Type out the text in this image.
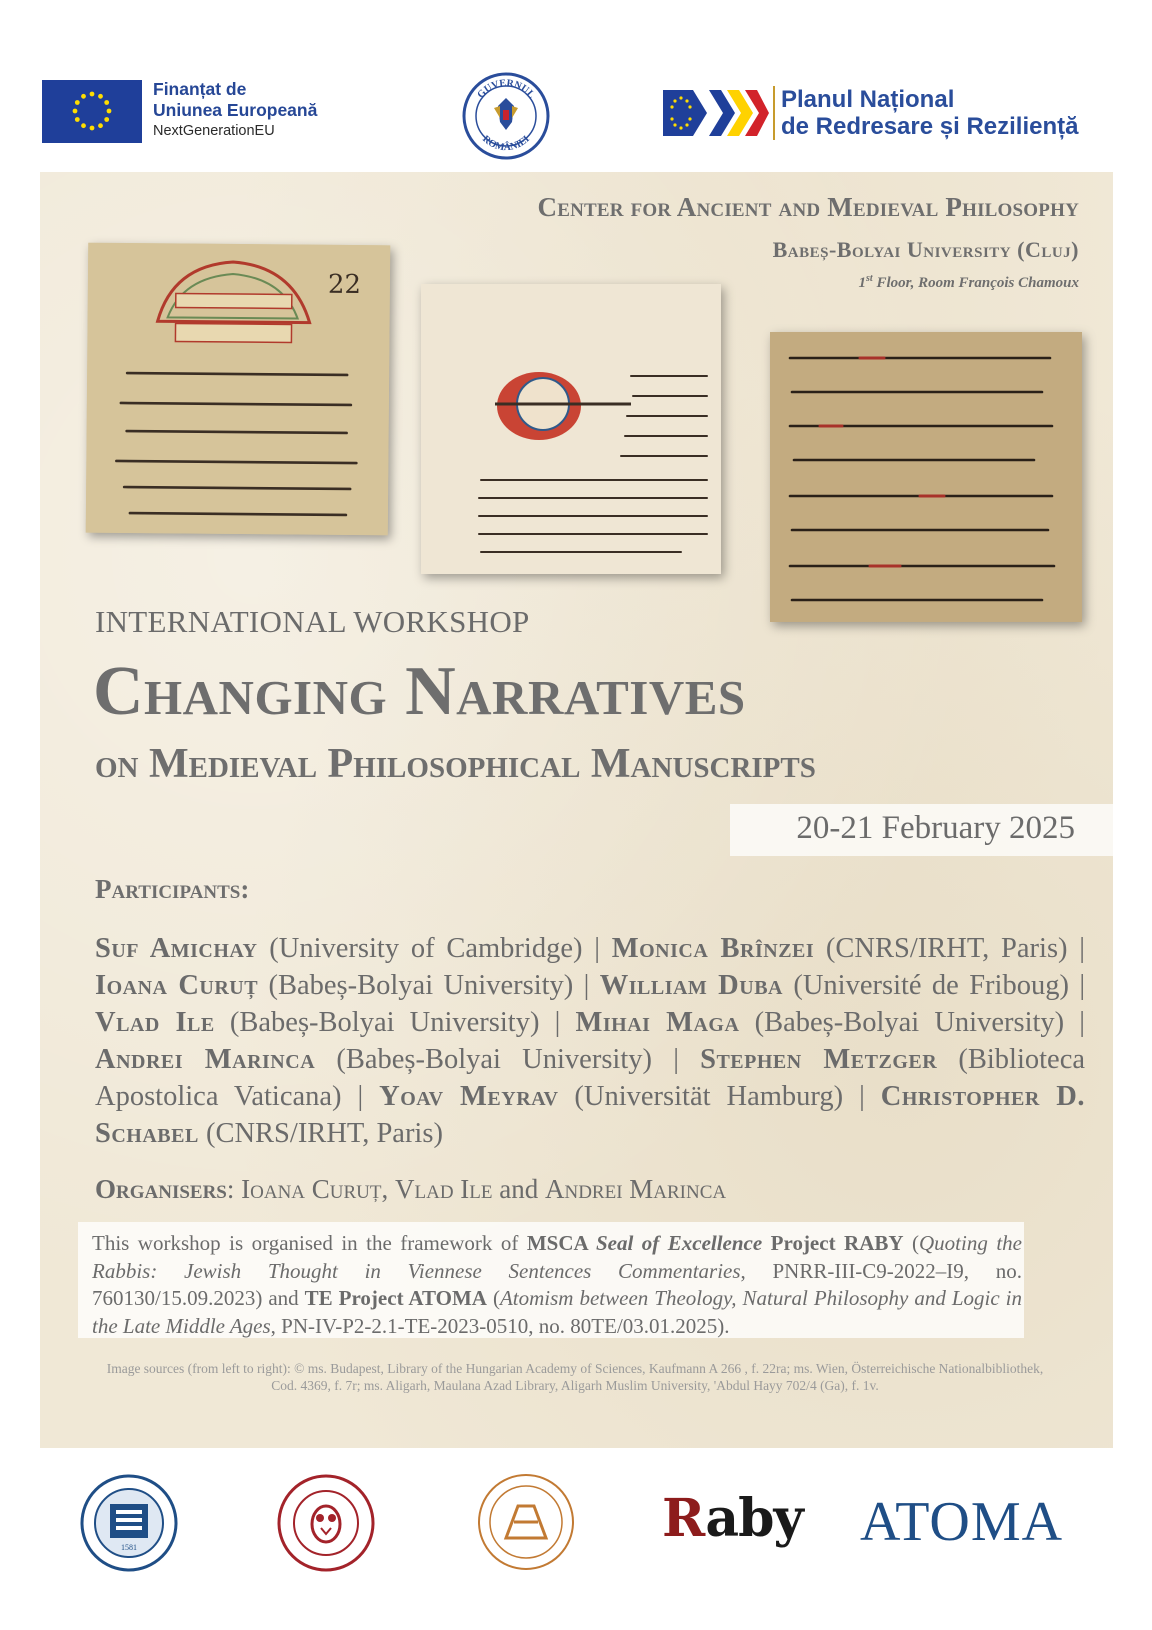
Finanțat de
Uniunea Europeană
NextGenerationEU
GUVERNUL
ROMÂNIEI
Planul Național
de Redresare și Reziliență
Center for Ancient and Medieval Philosophy
Babeș-Bolyai University (Cluj)
1st Floor, Room François Chamoux
22
INTERNATIONAL WORKSHOP
Changing Narratives
on Medieval Philosophical Manuscripts
20-21 February 2025
Participants:
Suf Amichay (University of Cambridge) | Monica Brînzei (CNRS/IRHT, Paris) | Ioana Curuț (Babeș-Bolyai University) | William Duba (Université de Friboug) | Vlad Ile (Babeș-Bolyai University) | Mihai Maga (Babeș-Bolyai University) | Andrei Marinca (Babeș-Bolyai University) | Stephen Metzger (Biblioteca Apostolica Vaticana) | Yoav Meyrav (Universität Hamburg) | Christopher D. Schabel (CNRS/IRHT, Paris)
Organisers: Ioana Curuț, Vlad Ile and Andrei Marinca
This workshop is organised in the framework of MSCA Seal of Excellence Project RABY (Quoting the Rabbis: Jewish Thought in Viennese Sentences Commentaries, PNRR-III-C9-2022–I9, no. 760130/15.09.2023) and TE Project ATOMA (Atomism between Theology, Natural Philosophy and Logic in the Late Middle Ages, PN-IV-P2-2.1-TE-2023-0510, no. 80TE/03.01.2025).
Image sources (from left to right): © ms. Budapest, Library of the Hungarian Academy of Sciences, Kaufmann A 266 , f. 22ra; ms. Wien, Österreichische Nationalbibliothek, Cod. 4369, f. 7r; ms. Aligarh, Maulana Azad Library, Aligarh Muslim University, 'Abdul Hayy 702/4 (Ga), f. 1v.
1581	Raby ATOMA
